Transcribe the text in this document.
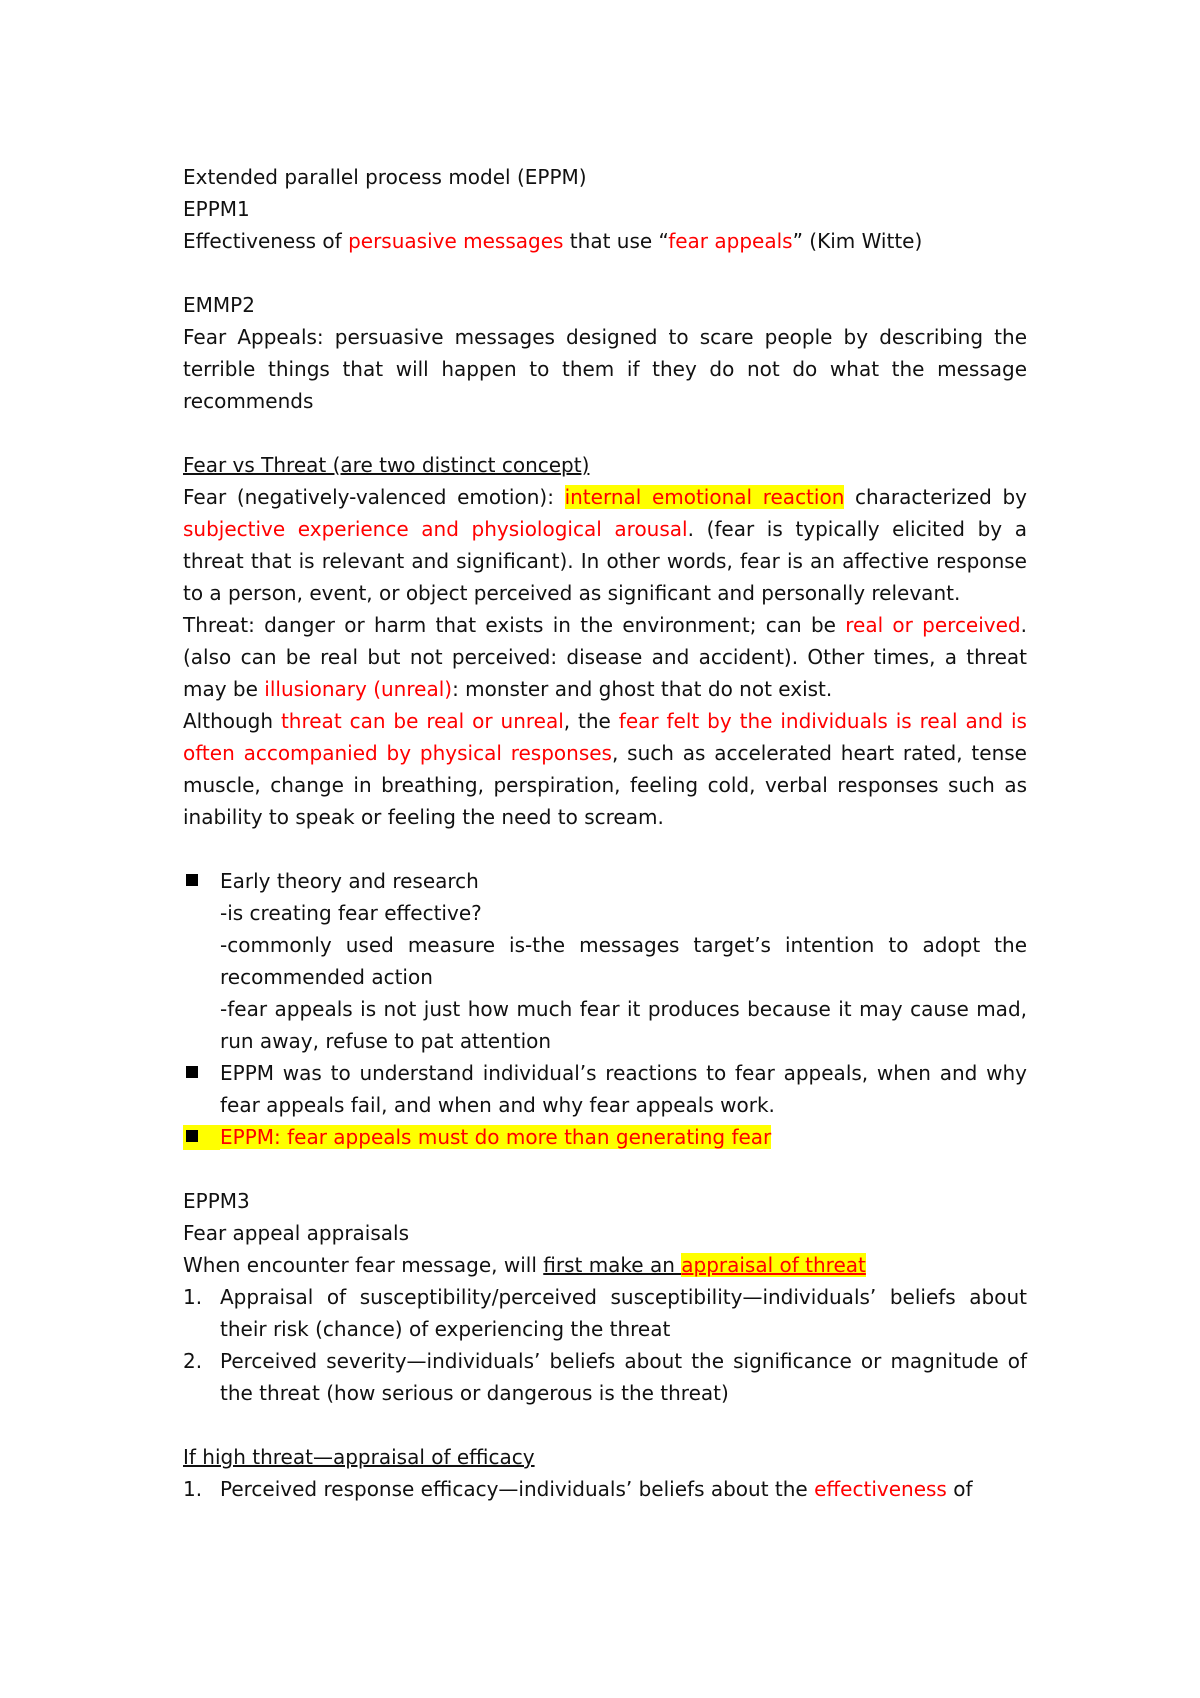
Extended parallel process model (EPPM)
EPPM1
Effectiveness of persuasive messages that use “fear appeals” (Kim Witte)
EMMP2
Fear Appeals: persuasive messages designed to scare people by describing the terrible things that will happen to them if they do not do what the message recommends
Fear vs Threat (are two distinct concept)
Fear (negatively-valenced emotion): internal emotional reaction characterized by subjective experience and physiological arousal. (fear is typically elicited by a threat that is relevant and significant). In other words, fear is an affective response to a person, event, or object perceived as significant and personally relevant.
Threat: danger or harm that exists in the environment; can be real or perceived. (also can be real but not perceived: disease and accident). Other times, a threat may be illusionary (unreal): monster and ghost that do not exist.
Although threat can be real or unreal, the fear felt by the individuals is real and is often accompanied by physical responses, such as accelerated heart rated, tense muscle, change in breathing, perspiration, feeling cold, verbal responses such as inability to speak or feeling the need to scream.
Early theory and research
-is creating fear effective?
-commonly used measure is-the messages target’s intention to adopt the recommended action
-fear appeals is not just how much fear it produces because it may cause mad, run away, refuse to pat attention
EPPM was to understand individual’s reactions to fear appeals, when and why fear appeals fail, and when and why fear appeals work.
EPPM: fear appeals must do more than generating fear
EPPM3
Fear appeal appraisals
When encounter fear message, will first make an appraisal of threat
1. Appraisal of susceptibility/perceived susceptibility—individuals’ beliefs about their risk (chance) of experiencing the threat
2. Perceived severity—individuals’ beliefs about the significance or magnitude of the threat (how serious or dangerous is the threat)
If high threat—appraisal of efficacy
1. Perceived response efficacy—individuals’ beliefs about the effectiveness of
